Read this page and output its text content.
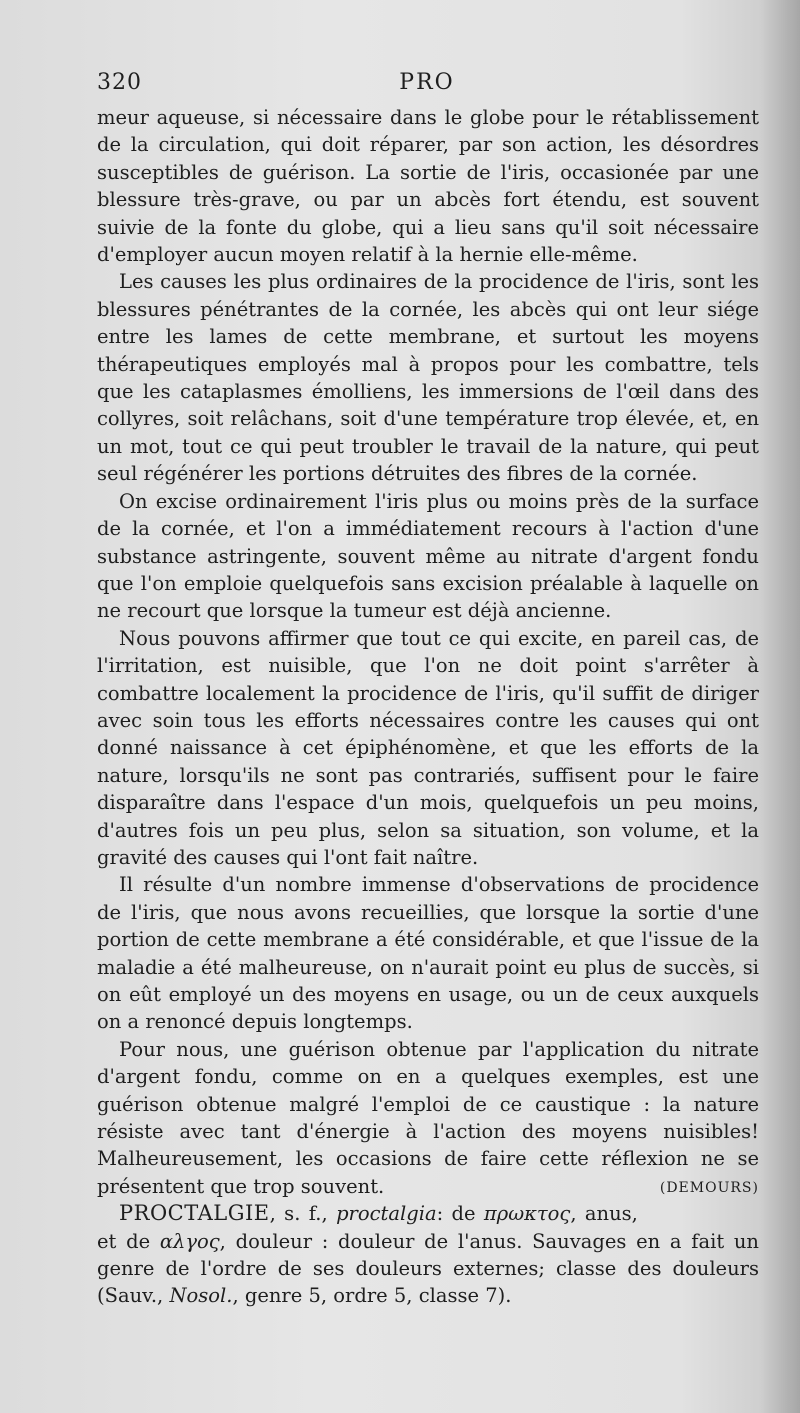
320	PRO

meur aqueuse, si nécessaire dans le globe pour le rétablissement de la circulation, qui doit réparer, par son action, les désordres susceptibles de guérison. La sortie de l'iris, occasionée par une blessure très-grave, ou par un abcès fort étendu, est souvent suivie de la fonte du globe, qui a lieu sans qu'il soit nécessaire d'employer aucun moyen relatif à la hernie elle-même.

Les causes les plus ordinaires de la procidence de l'iris, sont les blessures pénétrantes de la cornée, les abcès qui ont leur siége entre les lames de cette membrane, et surtout les moyens thérapeutiques employés mal à propos pour les combattre, tels que les cataplasmes émolliens, les immersions de l'œil dans des collyres, soit relâchans, soit d'une température trop élevée, et, en un mot, tout ce qui peut troubler le travail de la nature, qui peut seul régénérer les portions détruites des fibres de la cornée.

On excise ordinairement l'iris plus ou moins près de la surface de la cornée, et l'on a immédiatement recours à l'action d'une substance astringente, souvent même au nitrate d'argent fondu que l'on emploie quelquefois sans excision préalable à laquelle on ne recourt que lorsque la tumeur est déjà ancienne.

Nous pouvons affirmer que tout ce qui excite, en pareil cas, de l'irritation, est nuisible, que l'on ne doit point s'arrêter à combattre localement la procidence de l'iris, qu'il suffit de diriger avec soin tous les efforts nécessaires contre les causes qui ont donné naissance à cet épiphénomène, et que les efforts de la nature, lorsqu'ils ne sont pas contrariés, suffisent pour le faire disparaître dans l'espace d'un mois, quelquefois un peu moins, d'autres fois un peu plus, selon sa situation, son volume, et la gravité des causes qui l'ont fait naître.

Il résulte d'un nombre immense d'observations de procidence de l'iris, que nous avons recueillies, que lorsque la sortie d'une portion de cette membrane a été considérable, et que l'issue de la maladie a été malheureuse, on n'aurait point eu plus de succès, si on eût employé un des moyens en usage, ou un de ceux auxquels on a renoncé depuis longtemps.

Pour nous, une guérison obtenue par l'application du nitrate d'argent fondu, comme on en a quelques exemples, est une guérison obtenue malgré l'emploi de ce caustique : la nature résiste avec tant d'énergie à l'action des moyens nuisibles! Malheureusement, les occasions de faire cette réflexion ne se présentent que trop souvent.	(DEMOURS)

PROCTALGIE, s. f., proctalgia: de πρωκτος, anus, et de αλγος, douleur : douleur de l'anus. Sauvages en a fait un genre de l'ordre de ses douleurs externes; classe des douleurs (Sauv., Nosol., genre 5, ordre 5, classe 7).
